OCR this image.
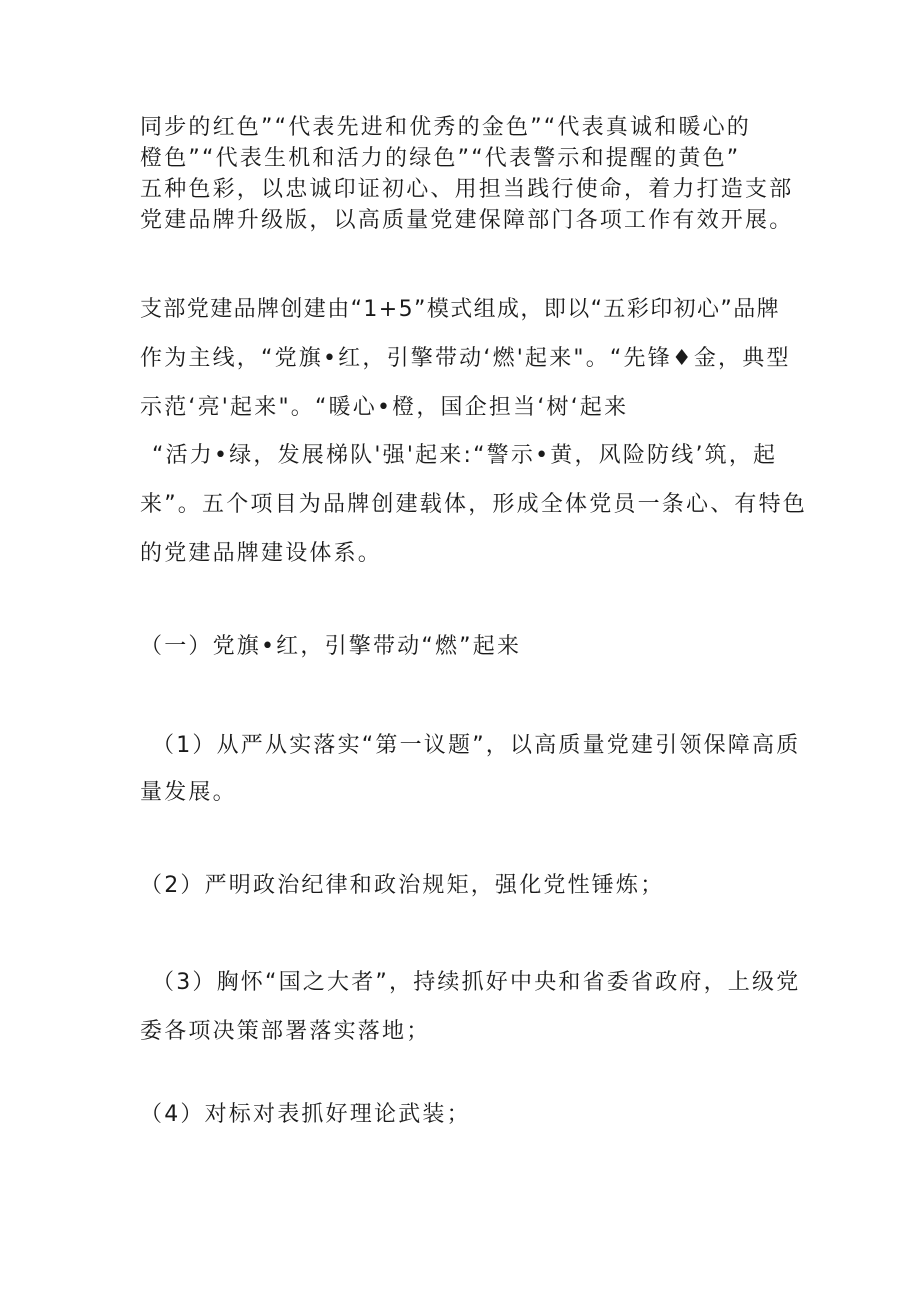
同步的红色”“代表先进和优秀的金色”“代表真诚和暖心的
橙色”“代表生机和活力的绿色”“代表警示和提醒的黄色”
五种色彩，以忠诚印证初心、用担当践行使命，着力打造支部
党建品牌升级版，以高质量党建保障部门各项工作有效开展。
支部党建品牌创建由“1+5”模式组成，即以“五彩印初心”品牌
作为主线，“党旗•红，引擎带动‘燃'起来"。“先锋♦金，典型
示范‘亮'起来"。“暖心•橙，国企担当‘树‘起来
“活力•绿，发展梯队'强'起来:“警示•黄，风险防线’筑，起
来”。五个项目为品牌创建载体，形成全体党员一条心、有特色
的党建品牌建设体系。
（一）党旗•红，引擎带动“燃”起来
（1）从严从实落实“第一议题”，以高质量党建引领保障高质
量发展。
（2）严明政治纪律和政治规矩，强化党性锤炼；
（3）胸怀“国之大者”，持续抓好中央和省委省政府，上级党
委各项决策部署落实落地；
（4）对标对表抓好理论武装；
